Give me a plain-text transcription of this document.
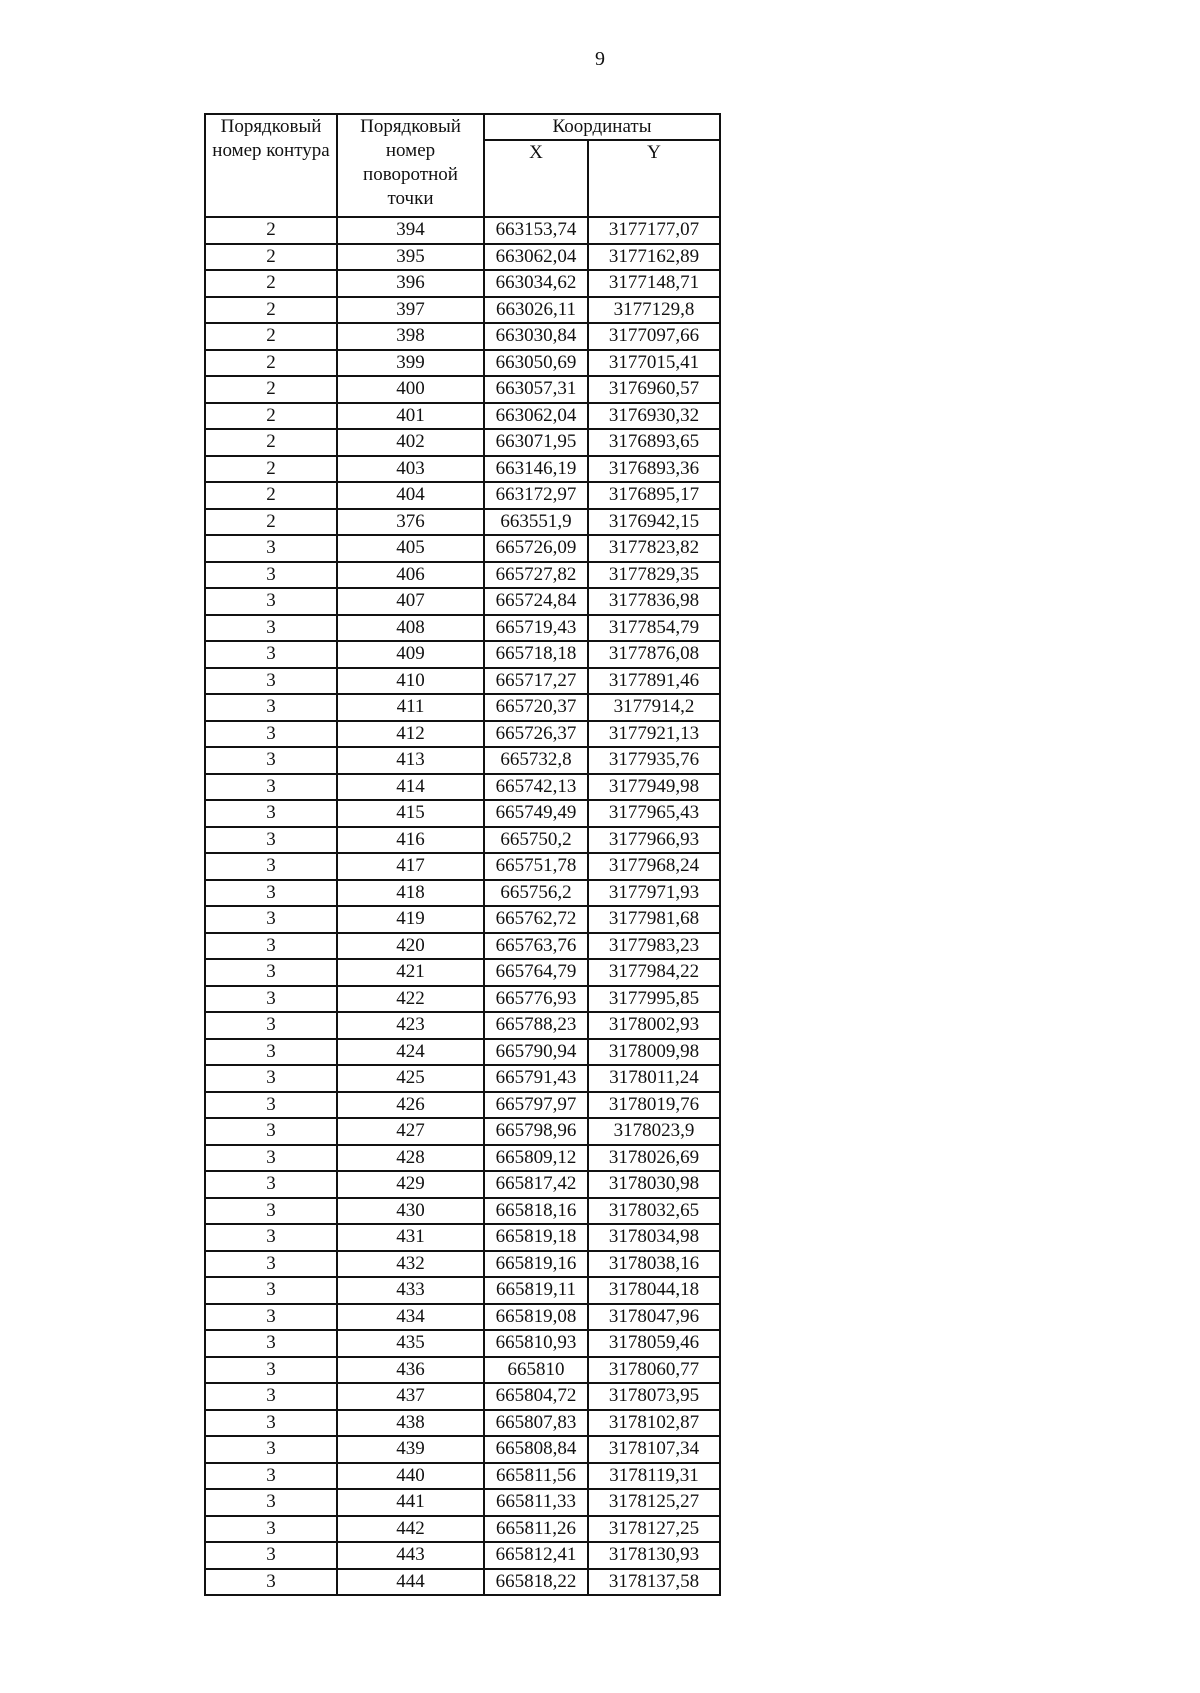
9
Порядковый номер контура	Порядковый номер поворотной точки	Координаты	
		X	Y
2	394	663153,74	3177177,07
2	395	663062,04	3177162,89
2	396	663034,62	3177148,71
2	397	663026,11	3177129,8
2	398	663030,84	3177097,66
2	399	663050,69	3177015,41
2	400	663057,31	3176960,57
2	401	663062,04	3176930,32
2	402	663071,95	3176893,65
2	403	663146,19	3176893,36
2	404	663172,97	3176895,17
2	376	663551,9	3176942,15
3	405	665726,09	3177823,82
3	406	665727,82	3177829,35
3	407	665724,84	3177836,98
3	408	665719,43	3177854,79
3	409	665718,18	3177876,08
3	410	665717,27	3177891,46
3	411	665720,37	3177914,2
3	412	665726,37	3177921,13
3	413	665732,8	3177935,76
3	414	665742,13	3177949,98
3	415	665749,49	3177965,43
3	416	665750,2	3177966,93
3	417	665751,78	3177968,24
3	418	665756,2	3177971,93
3	419	665762,72	3177981,68
3	420	665763,76	3177983,23
3	421	665764,79	3177984,22
3	422	665776,93	3177995,85
3	423	665788,23	3178002,93
3	424	665790,94	3178009,98
3	425	665791,43	3178011,24
3	426	665797,97	3178019,76
3	427	665798,96	3178023,9
3	428	665809,12	3178026,69
3	429	665817,42	3178030,98
3	430	665818,16	3178032,65
3	431	665819,18	3178034,98
3	432	665819,16	3178038,16
3	433	665819,11	3178044,18
3	434	665819,08	3178047,96
3	435	665810,93	3178059,46
3	436	665810	3178060,77
3	437	665804,72	3178073,95
3	438	665807,83	3178102,87
3	439	665808,84	3178107,34
3	440	665811,56	3178119,31
3	441	665811,33	3178125,27
3	442	665811,26	3178127,25
3	443	665812,41	3178130,93
3	444	665818,22	3178137,58
